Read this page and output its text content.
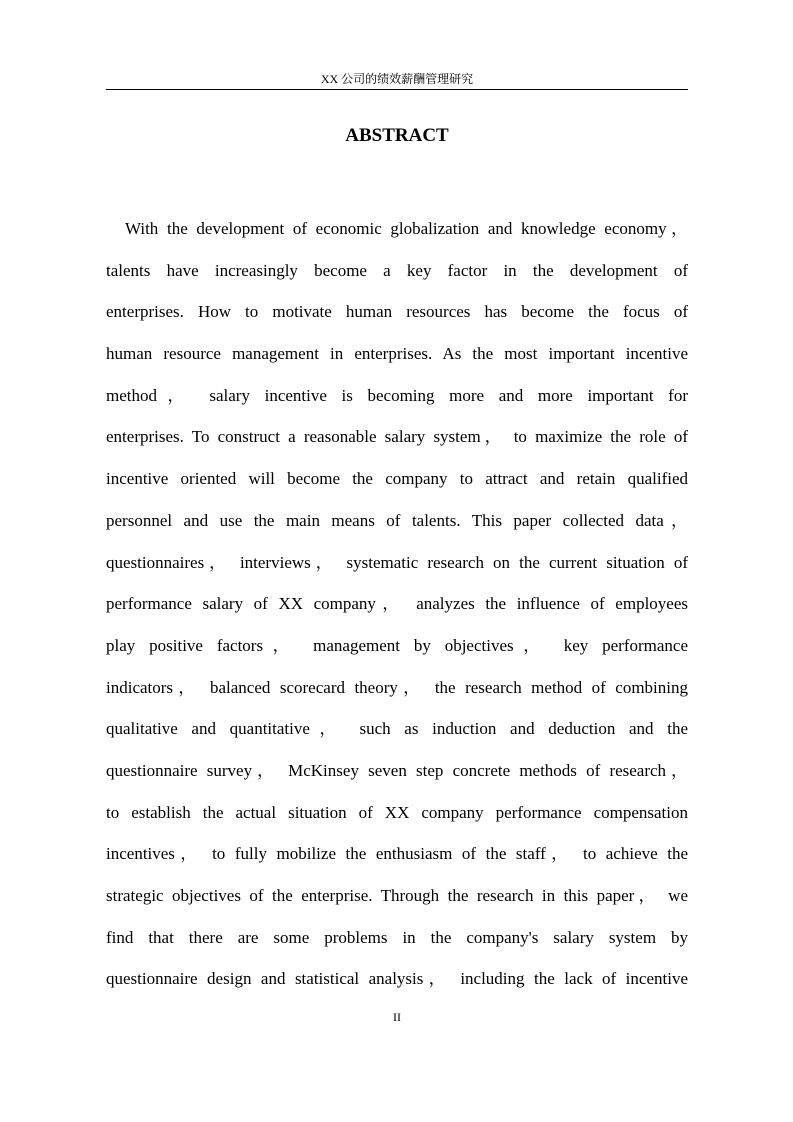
XX 公司的绩效薪酬管理研究
ABSTRACT
With the development of economic globalization and knowledge economy，
talents have increasingly become a key factor in the development of
enterprises. How to motivate human resources has become the focus of
human resource management in enterprises. As the most important incentive
method， salary incentive is becoming more and more important for
enterprises. To construct a reasonable salary system， to maximize the role of
incentive oriented will become the company to attract and retain qualified
personnel and use the main means of talents. This paper collected data，
questionnaires， interviews， systematic research on the current situation of
performance salary of XX company， analyzes the influence of employees
play positive factors， management by objectives， key performance
indicators， balanced scorecard theory， the research method of combining
qualitative and quantitative， such as induction and deduction and the
questionnaire survey， McKinsey seven step concrete methods of research，
to establish the actual situation of XX company performance compensation
incentives， to fully mobilize the enthusiasm of the staff， to achieve the
strategic objectives of the enterprise. Through the research in this paper， we
find that there are some problems in the company's salary system by
questionnaire design and statistical analysis， including the lack of incentive
II
